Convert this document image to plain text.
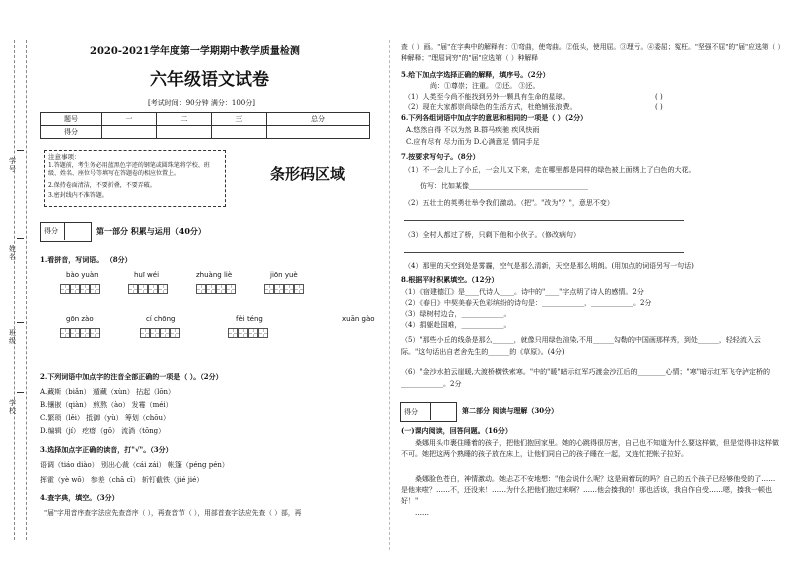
学号
姓名
班级
学校
2020-2021学年度第一学期期中教学质量检测
六年级语文试卷
[考试时间：90分钟 满分：100分]
题号	一	二	三	总分
得分				
注意事项：
1.答题前，考生务必用蓝黑色字迹的钢笔或圆珠笔将学校、班级、姓名、座位号等填写在答题卷的相应位置上。
2.保持卷面清洁，不要折叠，不要弄破。
3.密封线内不准答题。
条形码区域
得分	第一部分 积累与运用（40分）
1.看拼音，写词语。 （8分）
bào yuàn	huī wéi	zhuàng liè	jiōn yuè
gōn zào	cí chōng	fèi téng	xuān gào
2.下列词语中加点字的注音全部正确的一项是（ ）。（2分）
A.藏斯（biǎn） 遁藏（xùn） 拈起（lōn）
B.镶嵌（qiàn） 煎熬（ào） 发霉（méi）
C.繁琐（lěi） 抵御（yù） 筹划（chōu）
D.编辑（jí） 疙瘩（gō） 流淌（tōng）
3.选择加点字正确的读音，打"√"。（3分）
语调（tiáo diào） 别出心裁（cái zái） 帐篷（péng pén）
挥霍（yè wō） 参差（chā cī） 斩钉截铁（jié jié）
4.查字典，填空。（3分）
"届"字用音序查字法应先查音序（ ），再查音节（ ），用部首查字法应先查（ ）部，再
查（ ）画。"届"在字典中的解释有：①弯曲，使弯曲。②低头，使用屈。③理亏。④委屈；冤枉。"坚强不屈"的"届"应选第（ ）种解释；"理屈词穷"的"届"应选第（ ）种解释
5.给下加点字选择正确的解释，填序号。（2分）
尚：①尊崇；注重。 ②还。 ③还。
（1）人类至今尚不能找到另外一颗具有生命的星球。	( )
（2）现在大家都崇尚绿色的生活方式，杜绝铺张浪费。	( )
6.下列各组词语中加点字的意思和相同的一项是（ ）（2分）
A.悠然自得 不以为然 B.群马疾驰 疾风快雨
C.应有尽有 尽力而为 D.心满意足 情同手足
7.按要求写句子。（8分）
（1）不一会儿上了小丘，一会儿又下来，走在哪里都是同样的绿色被上面绣上了白色的大花。
仿写：比如某像__________________________________
（2）五壮士的英勇壮举令我们激动。（把"。"改为"？"，意思不变）
（3）全村人都过了桥，只剩下他和小伙子。（修改病句）
（4）那里的天空到处是雾霾，空气是那么清新，天空是那么明朗。(用加点的词语另写一句话)
8.根据平时积累填空。（12分）
（1）《宿建德江》是____代诗人____。诗中的"____"字点明了诗人的感情。2分
（2）《春日》中契美春天色彩缤纷的诗句是：____________，____________。2分
（3）绿树村边合，____________。
（4）捐躯赴国难，____________。
（5）"那些小丘的线条是那么______，就像只用绿色渲染,不用______勾勒的中国画那样秀，到处______，轻轻流入云际。"这句话出自老舍先生的______的《草原》。(4分)
（6）"金沙水拍云崖暖,大渡桥横铁索寒。"中的"暖"暗示红军巧渡金沙江后的________心情；"寒"暗示红军飞夺泸定桥的____________。2分
得分	第二部分 阅读与理解（30分）
(一)课内阅读，回答问题。（16分）
桑娜用头巾裹住睡着的孩子，把他们抱回家里。她的心跳得很厉害，自己也不知道为什么要这样做，但是觉得非这样做不可。她把这两个熟睡的孩子放在床上，让他们同自己的孩子睡在一起，又连忙把帐子拉好。
桑娜脸色苍白，神情激动。她忐忑不安地想："他会说什么呢？这是闹着玩的吗？自己的五个孩子已经够他受的了……是他来啦？……不，还没来！……为什么把他们抱过来啊？……他会揍我的！那也活该，我自作自受……嗯，揍我一顿也好！"
……
